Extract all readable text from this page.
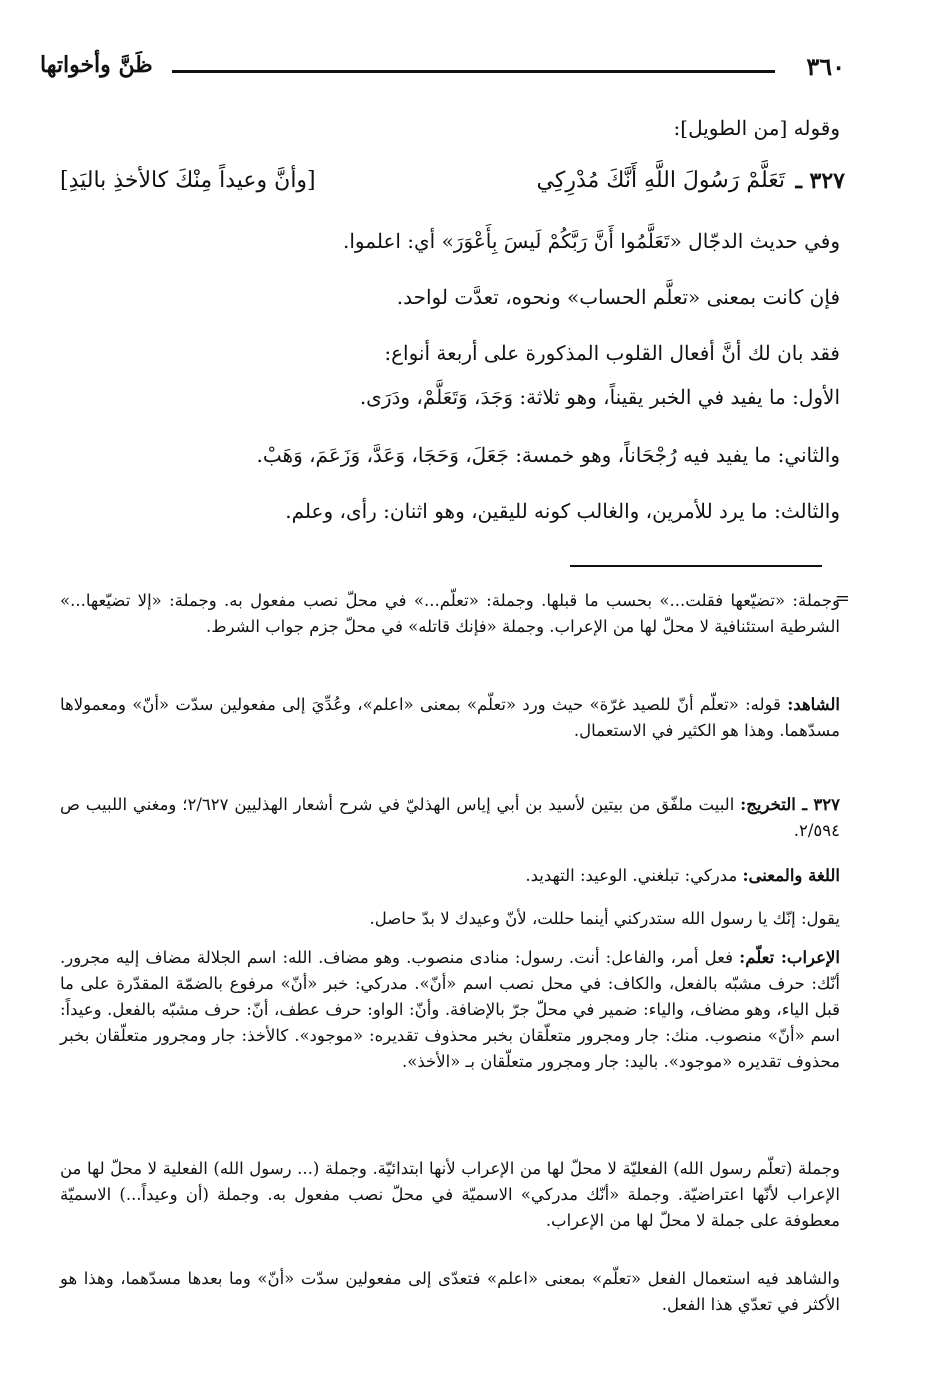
٣٦٠
ظَنَّ وأخواتها
وقوله [من الطويل]:
٣٢٧ ـ
تَعَلَّمْ رَسُولَ اللَّهِ أَنَّكَ مُدْرِكِي
[وأنَّ وعيداً مِنْكَ كالأخذِ باليَدِ]
وفي حديث الدجّال «تَعَلَّمُوا أَنَّ رَبَّكُمْ لَيسَ بِأَعْوَرَ» أي: اعلموا.
فإن كانت بمعنى «تعلَّم الحساب» ونحوه، تعدَّت لواحد.
فقد بان لك أنَّ أفعال القلوب المذكورة على أربعة أنواع:
الأول: ما يفيد في الخبر يقيناً، وهو ثلاثة: وَجَدَ، وَتَعَلَّمْ، ودَرَى.
والثاني: ما يفيد فيه رُجْحَاناً، وهو خمسة: جَعَلَ، وَحَجَا، وَعَدَّ، وَزَعَمَ، وَهَبْ.
والثالث: ما يرد للأمرين، والغالب كونه لليقين، وهو اثنان: رأى، وعلم.
=
وجملة: «تضيّعها فقلت...» بحسب ما قبلها. وجملة: «تعلّم...» في محلّ نصب مفعول به. وجملة: «إلا تضيّعها...» الشرطية استئنافية لا محلّ لها من الإعراب. وجملة «فإنك قاتله» في محلّ جزم جواب الشرط.
الشاهد: قوله: «تعلّم أنّ للصيد غرّة» حيث ورد «تعلّم» بمعنى «اعلم»، وعُدِّيَ إلى مفعولين سدّت «أنّ» ومعمولاها مسدّهما. وهذا هو الكثير في الاستعمال.
٣٢٧ ـ التخريج: البيت ملفّق من بيتين لأسيد بن أبي إياس الهذليّ في شرح أشعار الهذليين ٢/٦٢٧؛ ومغني اللبيب ص ٢/٥٩٤.
اللغة والمعنى: مدركي: تبلغني. الوعيد: التهديد.
يقول: إنّك يا رسول الله ستدركني أينما حللت، لأنّ وعيدك لا بدّ حاصل.
الإعراب: تعلّم: فعل أمر، والفاعل: أنت. رسول: منادى منصوب. وهو مضاف. الله: اسم الجلالة مضاف إليه مجرور. أنّك: حرف مشبّه بالفعل، والكاف: في محل نصب اسم «أنّ». مدركي: خبر «أنّ» مرفوع بالضمّة المقدّرة على ما قبل الياء، وهو مضاف، والياء: ضمير في محلّ جرّ بالإضافة. وأنّ: الواو: حرف عطف، أنّ: حرف مشبّه بالفعل. وعيداً: اسم «أنّ» منصوب. منك: جار ومجرور متعلّقان بخبر محذوف تقديره: «موجود». كالأخذ: جار ومجرور متعلّقان بخبر محذوف تقديره «موجود». باليد: جار ومجرور متعلّقان بـ «الأخذ».
وجملة (تعلّم رسول الله) الفعليّة لا محلّ لها من الإعراب لأنها ابتدائيّة. وجملة (... رسول الله) الفعلية لا محلّ لها من الإعراب لأنّها اعتراضيّة. وجملة «أنّك مدركي» الاسميّة في محلّ نصب مفعول به. وجملة (أن وعيداً...) الاسميّة معطوفة على جملة لا محلّ لها من الإعراب.
والشاهد فيه استعمال الفعل «تعلّم» بمعنى «اعلم» فتعدّى إلى مفعولين سدّت «أنّ» وما بعدها مسدّهما، وهذا هو الأكثر في تعدّي هذا الفعل.
